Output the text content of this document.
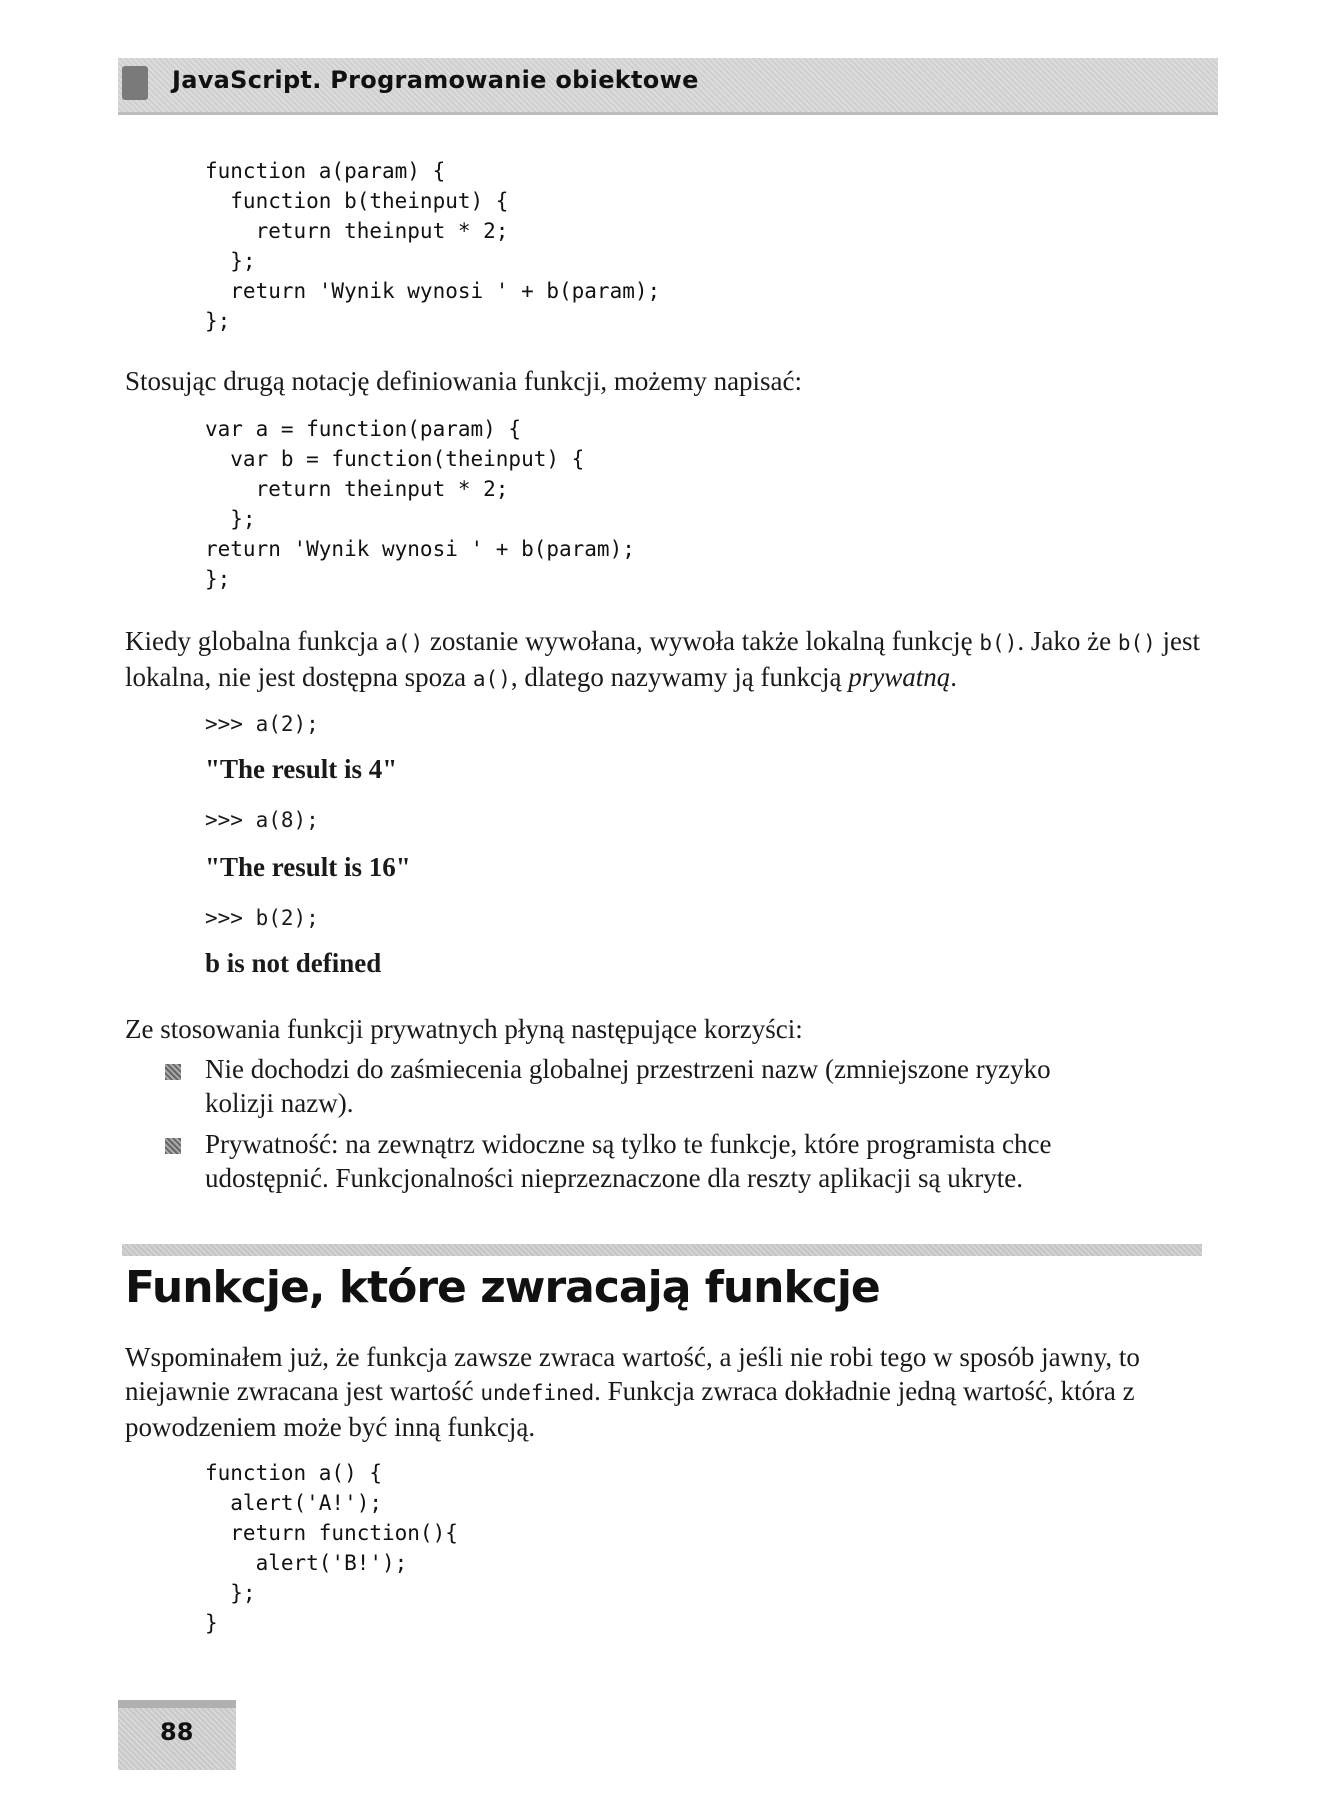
JavaScript. Programowanie obiektowe
function a(param) {
function b(theinput) {
return theinput * 2;
};
return 'Wynik wynosi ' + b(param);
};
Stosując drugą notację definiowania funkcji, możemy napisać:
var a = function(param) {
var b = function(theinput) {
return theinput * 2;
};
return 'Wynik wynosi ' + b(param);
};
Kiedy globalna funkcja a() zostanie wywołana, wywoła także lokalną funkcję b(). Jako że b() jest lokalna, nie jest dostępna spoza a(), dlatego nazywamy ją funkcją prywatną.
>>> a(2);
"The result is 4"
>>> a(8);
"The result is 16"
>>> b(2);
b is not defined
Ze stosowania funkcji prywatnych płyną następujące korzyści:
Nie dochodzi do zaśmiecenia globalnej przestrzeni nazw (zmniejszone ryzyko kolizji nazw).
Prywatność: na zewnątrz widoczne są tylko te funkcje, które programista chce udostępnić. Funkcjonalności nieprzeznaczone dla reszty aplikacji są ukryte.
Funkcje, które zwracają funkcje
Wspominałem już, że funkcja zawsze zwraca wartość, a jeśli nie robi tego w sposób jawny, to niejawnie zwracana jest wartość undefined. Funkcja zwraca dokładnie jedną wartość, która z powodzeniem może być inną funkcją.
function a() {
alert('A!');
return function(){
alert('B!');
};
}
88
